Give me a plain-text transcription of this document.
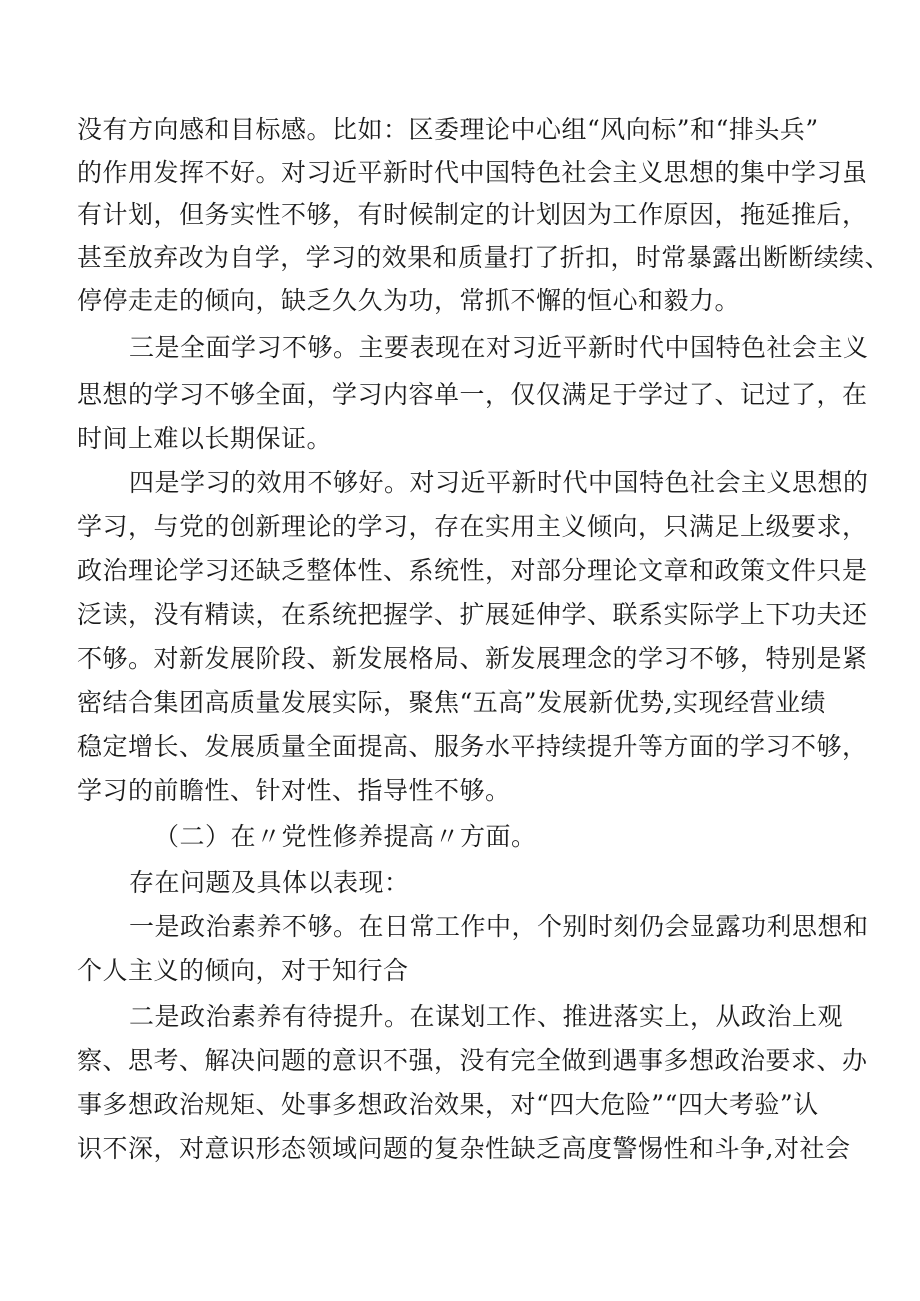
没有方向感和目标感。比如：区委理论中心组“风向标”和“排头兵”
的作用发挥不好。对习近平新时代中国特色社会主义思想的集中学习虽
有计划，但务实性不够，有时候制定的计划因为工作原因，拖延推后，
甚至放弃改为自学，学习的效果和质量打了折扣，时常暴露出断断续续、
停停走走的倾向，缺乏久久为功，常抓不懈的恒心和毅力。
三是全面学习不够。主要表现在对习近平新时代中国特色社会主义
思想的学习不够全面，学习内容单一，仅仅满足于学过了、记过了，在
时间上难以长期保证。
四是学习的效用不够好。对习近平新时代中国特色社会主义思想的
学习，与党的创新理论的学习，存在实用主义倾向，只满足上级要求，
政治理论学习还缺乏整体性、系统性，对部分理论文章和政策文件只是
泛读，没有精读，在系统把握学、扩展延伸学、联系实际学上下功夫还
不够。对新发展阶段、新发展格局、新发展理念的学习不够，特别是紧
密结合集团高质量发展实际，聚焦“五高”发展新优势,实现经营业绩
稳定增长、发展质量全面提高、服务水平持续提升等方面的学习不够，
学习的前瞻性、针对性、指导性不够。
（二）在〃党性修养提高〃方面。
存在问题及具体以表现：
一是政治素养不够。在日常工作中，个别时刻仍会显露功利思想和
个人主义的倾向，对于知行合
二是政治素养有待提升。在谋划工作、推进落实上，从政治上观
察、思考、解决问题的意识不强，没有完全做到遇事多想政治要求、办
事多想政治规矩、处事多想政治效果，对“四大危险”“四大考验”认
识不深，对意识形态领域问题的复杂性缺乏高度警惕性和斗争,对社会
